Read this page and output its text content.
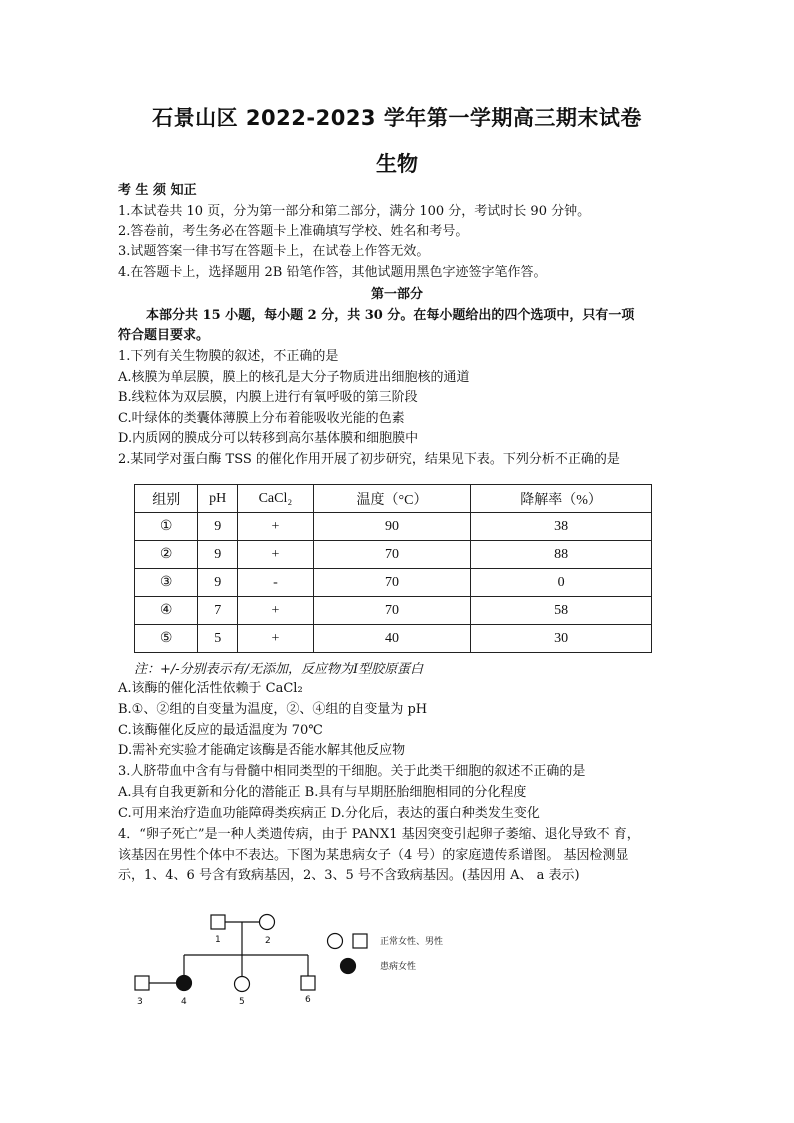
石景山区 2022-2023 学年第一学期高三期末试卷
生物
考 生 须 知正
1.本试卷共 10 页，分为第一部分和第二部分，满分 100 分，考试时长 90 分钟。
2.答卷前，考生务必在答题卡上准确填写学校、姓名和考号。
3.试题答案一律书写在答题卡上，在试卷上作答无效。
4.在答题卡上，选择题用 2B 铅笔作答，其他试题用黑色字迹签字笔作答。
第一部分
本部分共 15 小题，每小题 2 分，共 30 分。在每小题给出的四个选项中，只有一项
符合题目要求。
1.下列有关生物膜的叙述，不正确的是
A.核膜为单层膜，膜上的核孔是大分子物质进出细胞核的通道
B.线粒体为双层膜，内膜上进行有氧呼吸的第三阶段
C.叶绿体的类囊体薄膜上分布着能吸收光能的色素
D.内质网的膜成分可以转移到高尔基体膜和细胞膜中
2.某同学对蛋白酶 TSS 的催化作用开展了初步研究，结果见下表。下列分析不正确的是
组别	pH	CaCl₂	温度（°C）	降解率（%）
①	9	+	90	38
②	9	+	70	88
③	9	-	70	0
④	7	+	70	58
⑤	5	+	40	30
注：+/-分别表示有/无添加，反应物为I型胶原蛋白
A.该酶的催化活性依赖于 CaCl₂
B.①、②组的自变量为温度，②、④组的自变量为 pH
C.该酶催化反应的最适温度为 70℃
D.需补充实验才能确定该酶是否能水解其他反应物
3.人脐带血中含有与骨髓中相同类型的干细胞。关于此类干细胞的叙述不正确的是
A.具有自我更新和分化的潜能正 B.具有与早期胚胎细胞相同的分化程度
C.可用来治疗造血功能障碍类疾病正 D.分化后，表达的蛋白种类发生变化
4．“卵子死亡”是一种人类遗传病，由于 PANX1 基因突变引起卵子萎缩、退化导致不 育，
该基因在男性个体中不表达。下图为某患病女子（4 号）的家庭遗传系谱图。 基因检测显
示，1、4、6 号含有致病基因，2、3、5 号不含致病基因。(基因用 A、 a 表示)
1	2
3	4	5	6
正常女性、男性
患病女性
